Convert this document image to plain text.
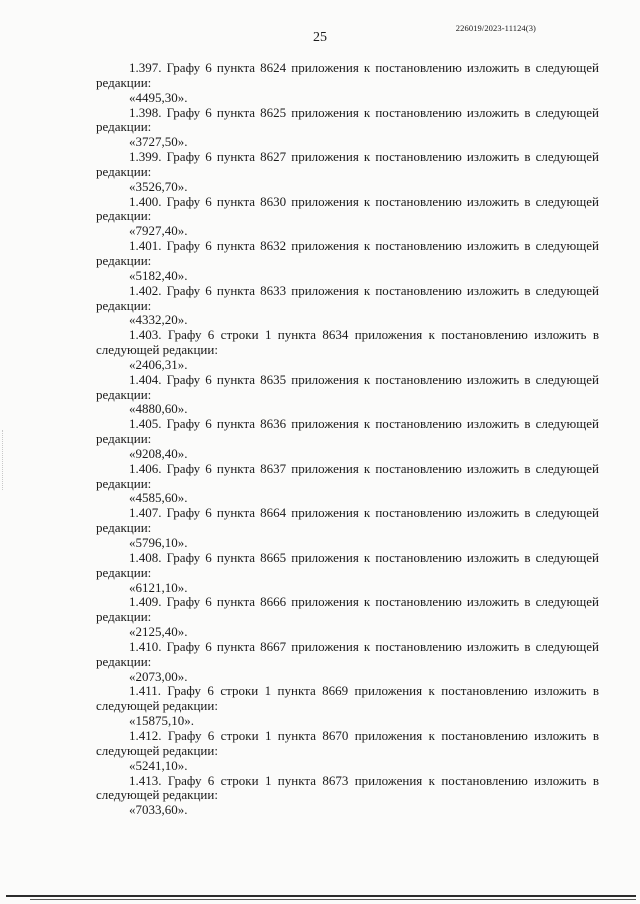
226019/2023-11124(3)
25

1.397. Графу 6 пункта 8624 приложения к постановлению изложить в следующей редакции:

«4495,30».

1.398. Графу 6 пункта 8625 приложения к постановлению изложить в следующей редакции:

«3727,50».

1.399. Графу 6 пункта 8627 приложения к постановлению изложить в следующей редакции:

«3526,70».

1.400. Графу 6 пункта 8630 приложения к постановлению изложить в следующей редакции:

«7927,40».

1.401. Графу 6 пункта 8632 приложения к постановлению изложить в следующей редакции:

«5182,40».

1.402. Графу 6 пункта 8633 приложения к постановлению изложить в следующей редакции:

«4332,20».

1.403. Графу 6 строки 1 пункта 8634 приложения к постановлению изложить в следующей редакции:

«2406,31».

1.404. Графу 6 пункта 8635 приложения к постановлению изложить в следующей редакции:

«4880,60».

1.405. Графу 6 пункта 8636 приложения к постановлению изложить в следующей редакции:

«9208,40».

1.406. Графу 6 пункта 8637 приложения к постановлению изложить в следующей редакции:

«4585,60».

1.407. Графу 6 пункта 8664 приложения к постановлению изложить в следующей редакции:

«5796,10».

1.408. Графу 6 пункта 8665 приложения к постановлению изложить в следующей редакции:

«6121,10».

1.409. Графу 6 пункта 8666 приложения к постановлению изложить в следующей редакции:

«2125,40».

1.410. Графу 6 пункта 8667 приложения к постановлению изложить в следующей редакции:

«2073,00».

1.411. Графу 6 строки 1 пункта 8669 приложения к постановлению изложить в следующей редакции:

«15875,10».

1.412. Графу 6 строки 1 пункта 8670 приложения к постановлению изложить в следующей редакции:

«5241,10».

1.413. Графу 6 строки 1 пункта 8673 приложения к постановлению изложить в следующей редакции:

«7033,60».
